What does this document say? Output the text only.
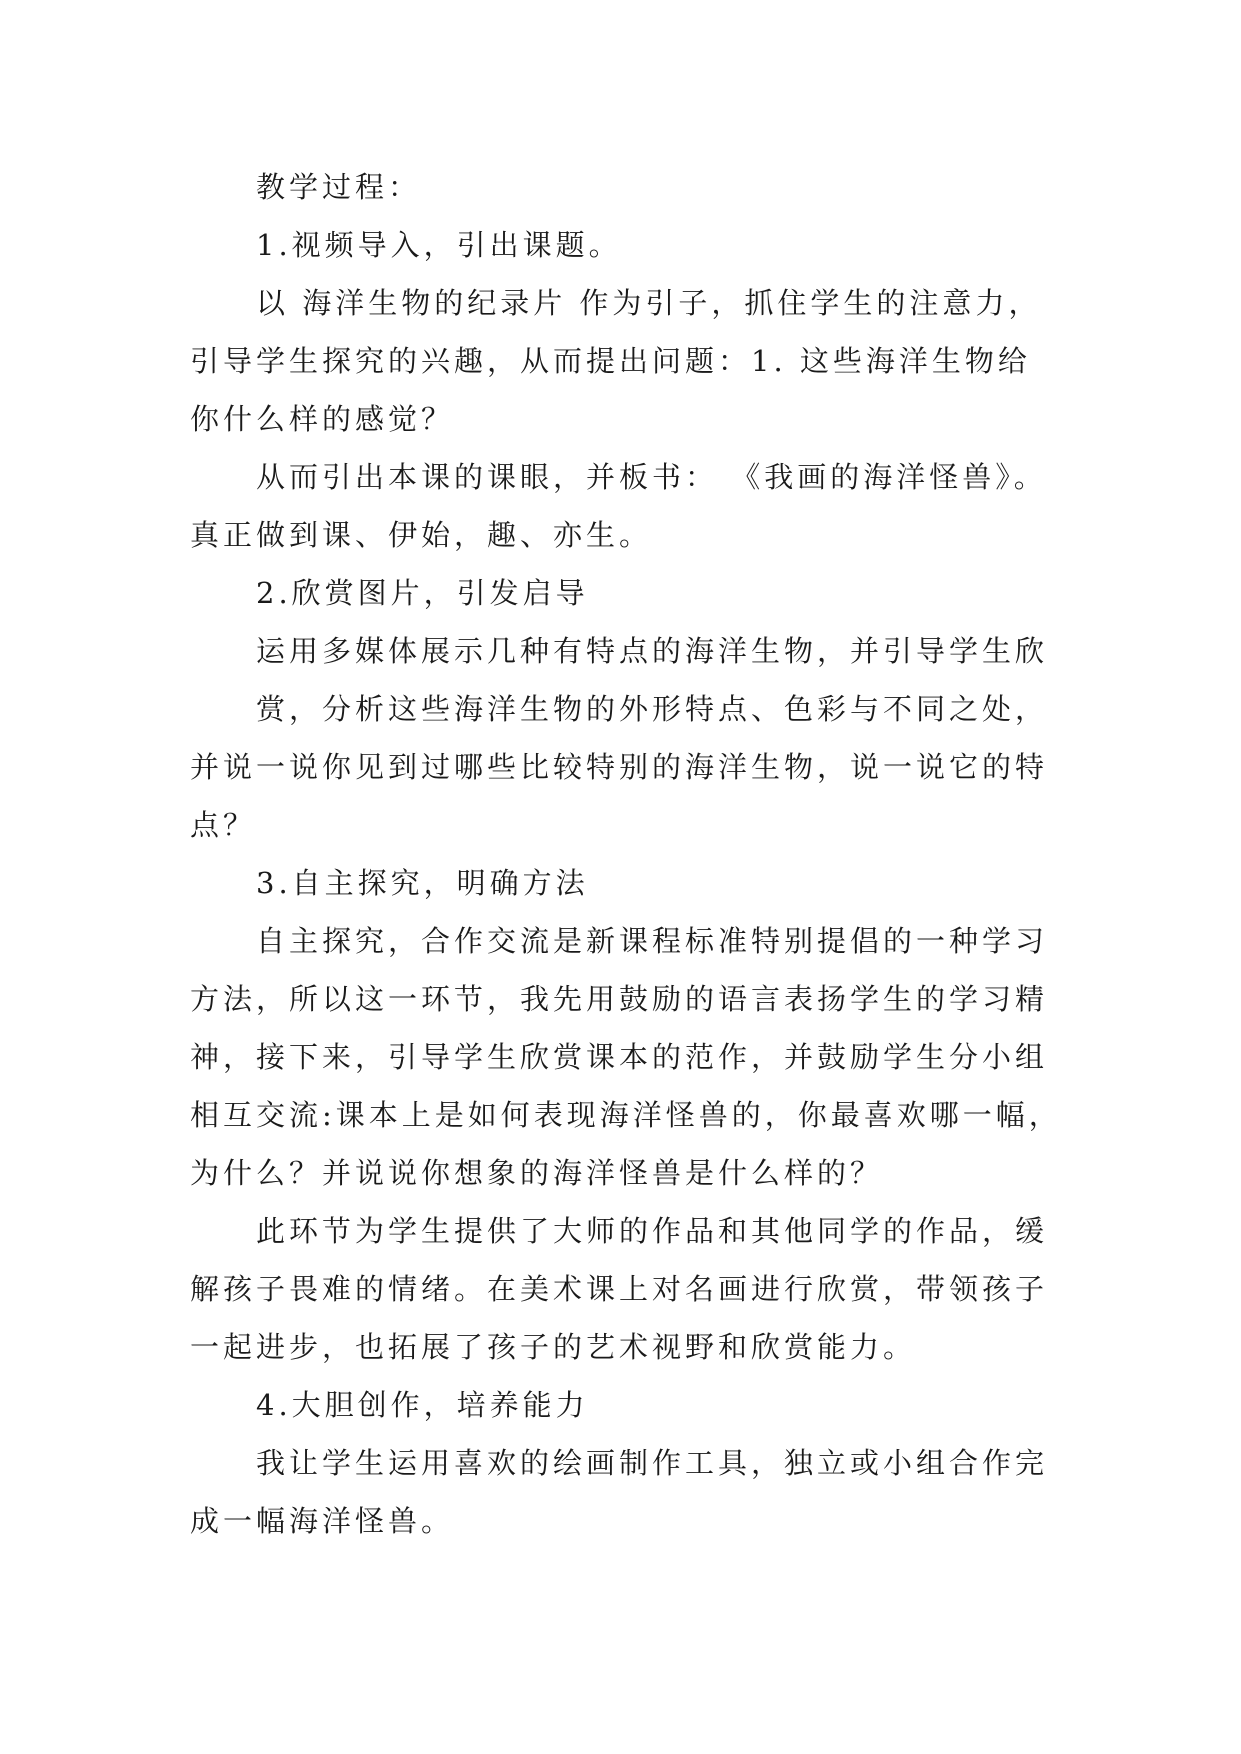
教学过程：

1.视频导入，引出课题。

以 海洋生物的纪录片 作为引子，抓住学生的注意力，

引导学生探究的兴趣，从而提出问题：1. 这些海洋生物给

你什么样的感觉？

从而引出本课的课眼，并板书： 《我画的海洋怪兽》。

真正做到课、伊始，趣、亦生。

2.欣赏图片，引发启导

运用多媒体展示几种有特点的海洋生物，并引导学生欣

赏，分析这些海洋生物的外形特点、色彩与不同之处，

并说一说你见到过哪些比较特别的海洋生物，说一说它的特

点？

3.自主探究，明确方法

自主探究，合作交流是新课程标准特别提倡的一种学习

方法，所以这一环节，我先用鼓励的语言表扬学生的学习精

神，接下来，引导学生欣赏课本的范作，并鼓励学生分小组

相互交流:课本上是如何表现海洋怪兽的，你最喜欢哪一幅，

为什么？并说说你想象的海洋怪兽是什么样的？

此环节为学生提供了大师的作品和其他同学的作品，缓

解孩子畏难的情绪。在美术课上对名画进行欣赏，带领孩子

一起进步，也拓展了孩子的艺术视野和欣赏能力。

4.大胆创作，培养能力

我让学生运用喜欢的绘画制作工具，独立或小组合作完

成一幅海洋怪兽。
